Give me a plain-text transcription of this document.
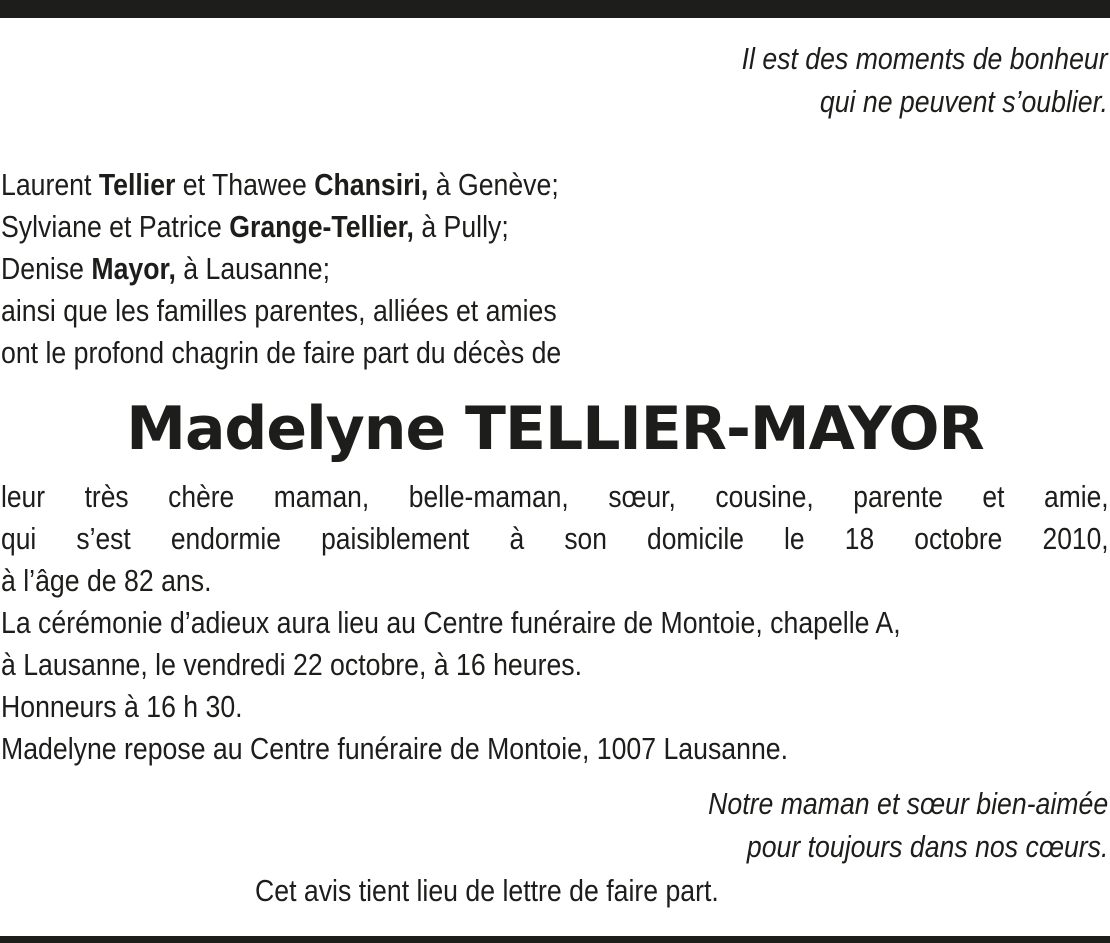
Il est des moments de bonheur
qui ne peuvent s’oublier.
Laurent Tellier et Thawee Chansiri, à Genève;
Sylviane et Patrice Grange-Tellier, à Pully;
Denise Mayor, à Lausanne;
ainsi que les familles parentes, alliées et amies
ont le profond chagrin de faire part du décès de
Madelyne TELLIER-MAYOR
leur très chère maman, belle-maman, sœur, cousine, parente et amie,
qui s’est endormie paisiblement à son domicile le 18 octobre 2010,
à l’âge de 82 ans.
La cérémonie d’adieux aura lieu au Centre funéraire de Montoie, chapelle A,
à Lausanne, le vendredi 22 octobre, à 16 heures.
Honneurs à 16 h 30.
Madelyne repose au Centre funéraire de Montoie, 1007 Lausanne.
Notre maman et sœur bien-aimée
pour toujours dans nos cœurs.
Cet avis tient lieu de lettre de faire part.
